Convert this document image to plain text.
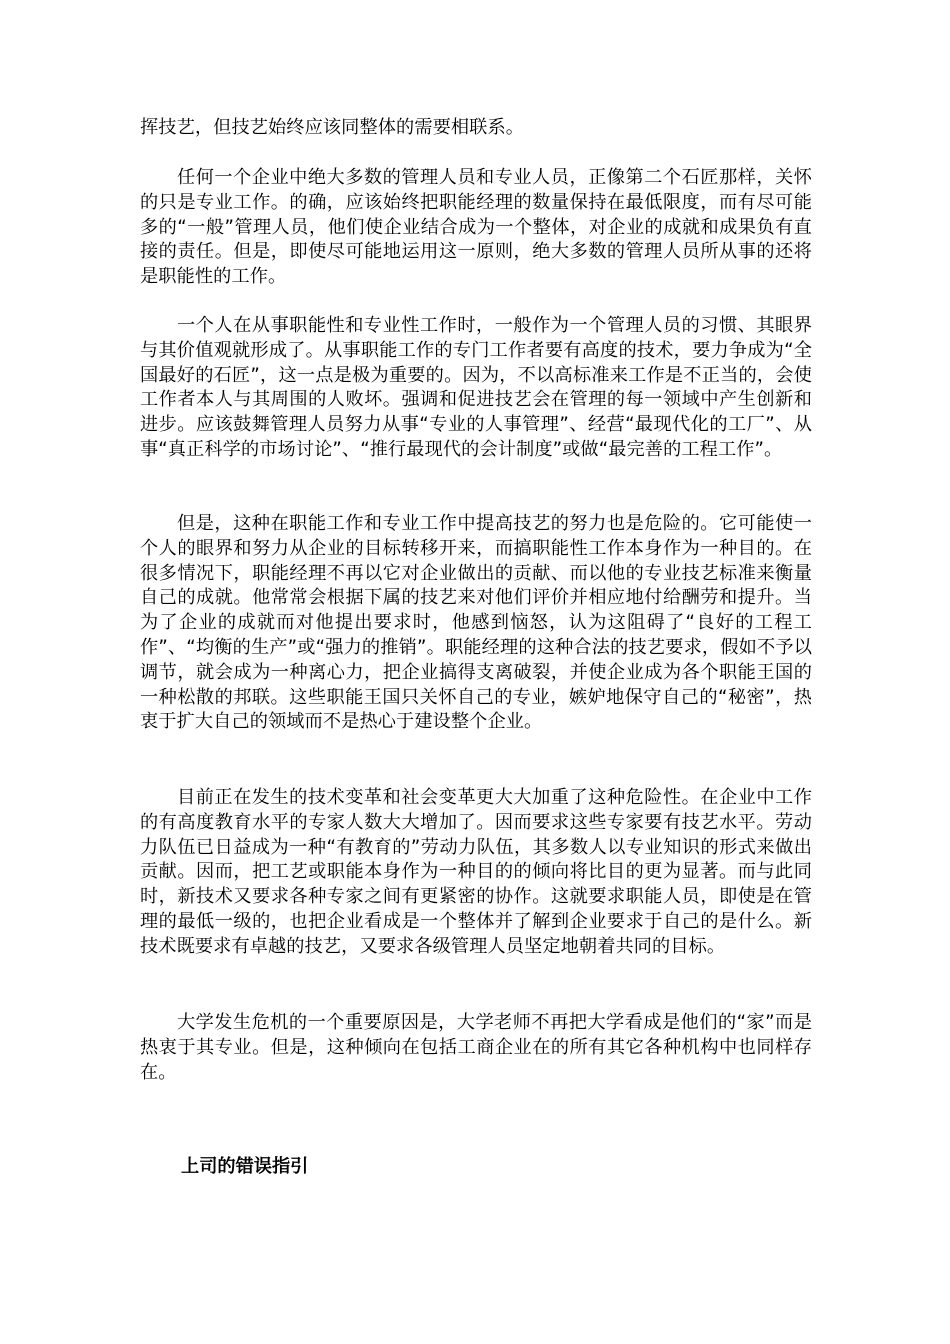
挥技艺，但技艺始终应该同整体的需要相联系。

任何一个企业中绝大多数的管理人员和专业人员，正像第二个石匠那样，关怀的只是专业工作。的确，应该始终把职能经理的数量保持在最低限度，而有尽可能多的“一般”管理人员，他们使企业结合成为一个整体，对企业的成就和成果负有直接的责任。但是，即使尽可能地运用这一原则，绝大多数的管理人员所从事的还将是职能性的工作。

一个人在从事职能性和专业性工作时，一般作为一个管理人员的习惯、其眼界与其价值观就形成了。从事职能工作的专门工作者要有高度的技术，要力争成为“全国最好的石匠”，这一点是极为重要的。因为，不以高标准来工作是不正当的，会使工作者本人与其周围的人败坏。强调和促进技艺会在管理的每一领域中产生创新和进步。应该鼓舞管理人员努力从事“专业的人事管理”、经营“最现代化的工厂”、从事“真正科学的市场讨论”、“推行最现代的会计制度”或做“最完善的工程工作”。

但是，这种在职能工作和专业工作中提高技艺的努力也是危险的。它可能使一个人的眼界和努力从企业的目标转移开来，而搞职能性工作本身作为一种目的。在很多情况下，职能经理不再以它对企业做出的贡献、而以他的专业技艺标准来衡量自己的成就。他常常会根据下属的技艺来对他们评价并相应地付给酬劳和提升。当为了企业的成就而对他提出要求时，他感到恼怒，认为这阻碍了“良好的工程工作”、“均衡的生产”或“强力的推销”。职能经理的这种合法的技艺要求，假如不予以调节，就会成为一种离心力，把企业搞得支离破裂，并使企业成为各个职能王国的一种松散的邦联。这些职能王国只关怀自己的专业，嫉妒地保守自己的“秘密”，热衷于扩大自己的领域而不是热心于建设整个企业。

目前正在发生的技术变革和社会变革更大大加重了这种危险性。在企业中工作的有高度教育水平的专家人数大大增加了。因而要求这些专家要有技艺水平。劳动力队伍已日益成为一种“有教育的”劳动力队伍，其多数人以专业知识的形式来做出贡献。因而，把工艺或职能本身作为一种目的的倾向将比目的更为显著。而与此同时，新技术又要求各种专家之间有更紧密的协作。这就要求职能人员，即使是在管理的最低一级的，也把企业看成是一个整体并了解到企业要求于自己的是什么。新技术既要求有卓越的技艺，又要求各级管理人员坚定地朝着共同的目标。

大学发生危机的一个重要原因是，大学老师不再把大学看成是他们的“家”而是热衷于其专业。但是，这种倾向在包括工商企业在的所有其它各种机构中也同样存在。

上司的错误指引
